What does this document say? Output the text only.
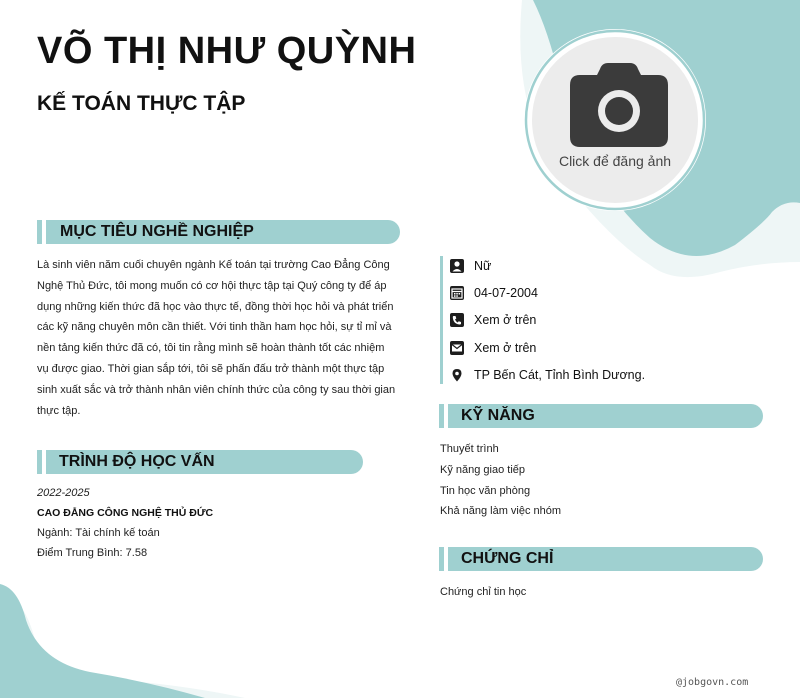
VÕ THỊ NHƯ QUỲNH
KẾ TOÁN THỰC TẬP
Click để đăng ảnh
MỤC TIÊU NGHỀ NGHIỆP

Là sinh viên năm cuối chuyên ngành Kế toán tại trường Cao Đẳng Công Nghệ Thủ Đức, tôi mong muốn có cơ hội thực tập tại Quý công ty để áp dụng những kiến thức đã học vào thực tế, đồng thời học hỏi và phát triển các kỹ năng chuyên môn cần thiết. Với tinh thần ham học hỏi, sự tỉ mỉ và nền tảng kiến thức đã có, tôi tin rằng mình sẽ hoàn thành tốt các nhiệm vụ được giao. Thời gian sắp tới, tôi sẽ phấn đấu trở thành một thực tập sinh xuất sắc và trở thành nhân viên chính thức của công ty sau thời gian thực tập.

TRÌNH ĐỘ HỌC VẤN
2022-2025
CAO ĐẲNG CÔNG NGHỆ THỦ ĐỨC
Ngành: Tài chính kế toán
Điểm Trung Bình: 7.58
Nữ
04-07-2004
Xem ở trên
Xem ở trên
TP Bến Cát, Tỉnh Bình Dương.
KỸ NĂNG
Thuyết trình
Kỹ năng giao tiếp
Tin học văn phòng
Khả năng làm việc nhóm
CHỨNG CHỈ
Chứng chỉ tin học
@jobgovn.com
